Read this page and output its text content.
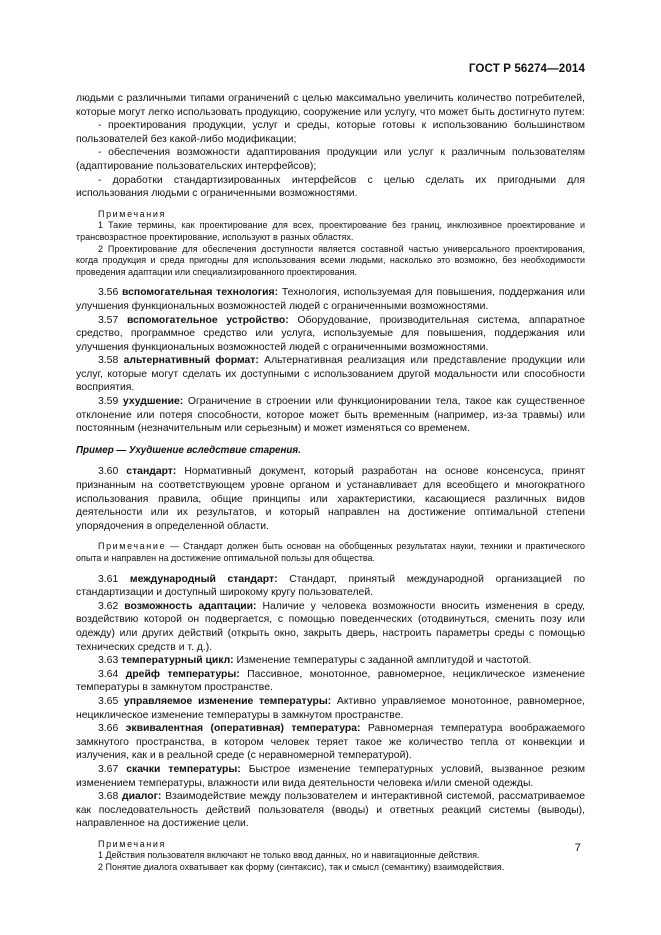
ГОСТ Р 56274—2014

людьми с различными типами ограничений с целью максимально увеличить количество потребителей, которые могут легко использовать продукцию, сооружение или услугу, что может быть достигнуто путем:

- проектирования продукции, услуг и среды, которые готовы к использованию большинством пользователей без какой-либо модификации;

- обеспечения возможности адаптирования продукции или услуг к различным пользователям (адаптирование пользовательских интерфейсов);

- доработки стандартизированных интерфейсов с целью сделать их пригодными для использования людьми с ограниченными возможностями.

Примечания

1 Такие термины, как проектирование для всех, проектирование без границ, инклюзивное проектирование и трансвозрастное проектирование, используют в разных областях.

2 Проектирование для обеспечения доступности является составной частью универсального проектирования, когда продукция и среда пригодны для использования всеми людьми, насколько это возможно, без необходимости проведения адаптации или специализированного проектирования.

3.56 вспомогательная технология: Технология, используемая для повышения, поддержания или улучшения функциональных возможностей людей с ограниченными возможностями.

3.57 вспомогательное устройство: Оборудование, производительная система, аппаратное средство, программное средство или услуга, используемые для повышения, поддержания или улучшения функциональных возможностей людей с ограниченными возможностями.

3.58 альтернативный формат: Альтернативная реализация или представление продукции или услуг, которые могут сделать их доступными с использованием другой модальности или способности восприятия.

3.59 ухудшение: Ограничение в строении или функционировании тела, такое как существенное отклонение или потеря способности, которое может быть временным (например, из-за травмы) или постоянным (незначительным или серьезным) и может изменяться со временем.

Пример — Ухудшение вследствие старения.

3.60 стандарт: Нормативный документ, который разработан на основе консенсуса, принят признанным на соответствующем уровне органом и устанавливает для всеобщего и многократного использования правила, общие принципы или характеристики, касающиеся различных видов деятельности или их результатов, и который направлен на достижение оптимальной степени упорядочения в определенной области.

Примечание — Стандарт должен быть основан на обобщенных результатах науки, техники и практического опыта и направлен на достижение оптимальной пользы для общества.

3.61 международный стандарт: Стандарт, принятый международной организацией по стандартизации и доступный широкому кругу пользователей.

3.62 возможность адаптации: Наличие у человека возможности вносить изменения в среду, воздействию которой он подвергается, с помощью поведенческих (отодвинуться, сменить позу или одежду) или других действий (открыть окно, закрыть дверь, настроить параметры среды с помощью технических средств и т. д.).

3.63 температурный цикл: Изменение температуры с заданной амплитудой и частотой.

3.64 дрейф температуры: Пассивное, монотонное, равномерное, нециклическое изменение температуры в замкнутом пространстве.

3.65 управляемое изменение температуры: Активно управляемое монотонное, равномерное, нециклическое изменение температуры в замкнутом пространстве.

3.66 эквивалентная (оперативная) температура: Равномерная температура воображаемого замкнутого пространства, в котором человек теряет такое же количество тепла от конвекции и излучения, как и в реальной среде (с неравномерной температурой).

3.67 скачки температуры: Быстрое изменение температурных условий, вызванное резким изменением температуры, влажности или вида деятельности человека и/или сменой одежды.

3.68 диалог: Взаимодействие между пользователем и интерактивной системой, рассматриваемое как последовательность действий пользователя (вводы) и ответных реакций системы (выводы), направленное на достижение цели.

Примечания

1 Действия пользователя включают не только ввод данных, но и навигационные действия.

2 Понятие диалога охватывает как форму (синтаксис), так и смысл (семантику) взаимодействия.

7
